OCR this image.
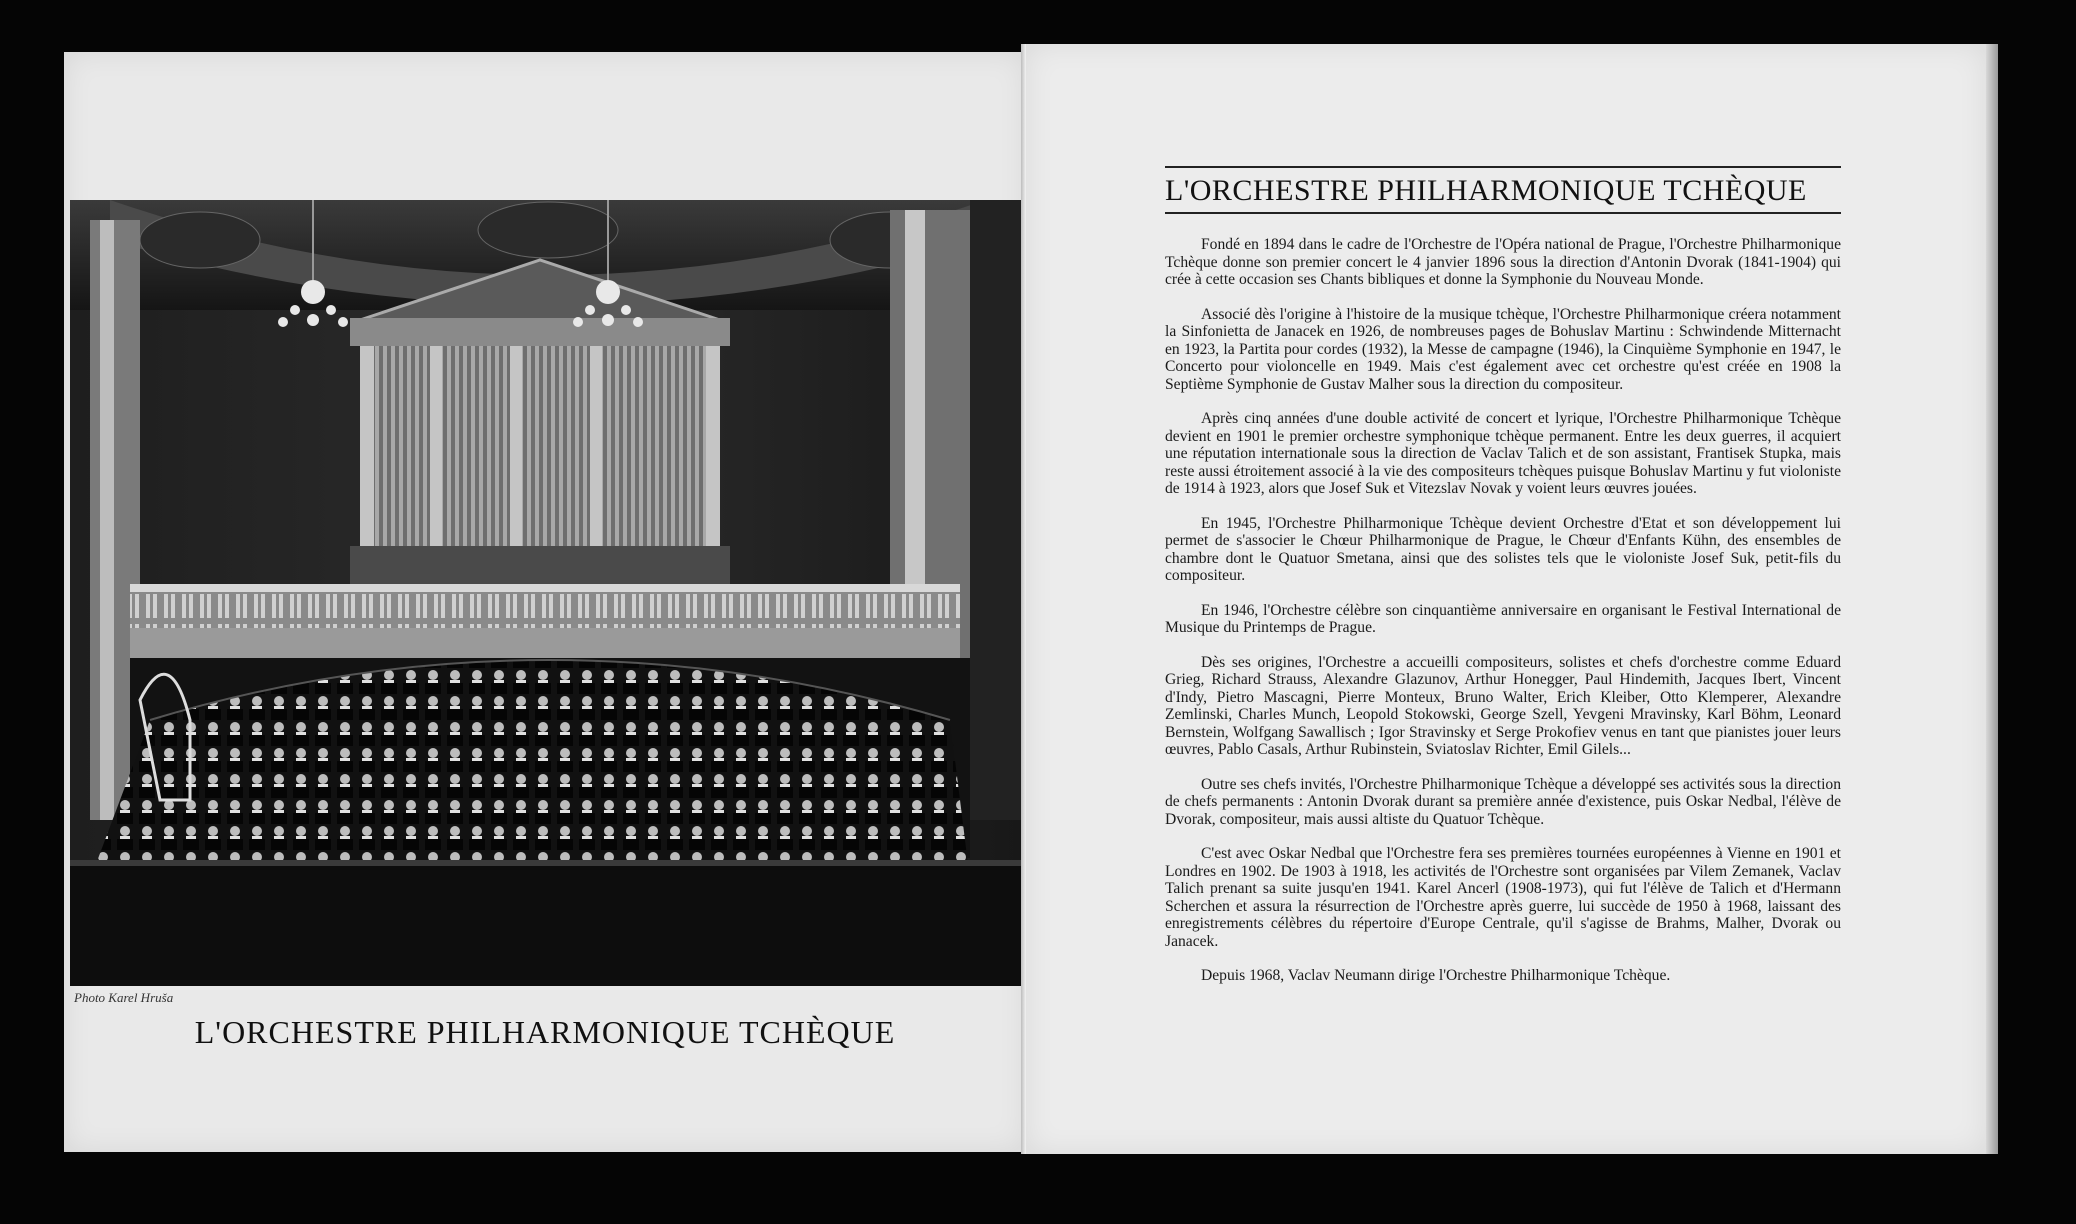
Photo Karel Hruša
L'ORCHESTRE PHILHARMONIQUE TCHÈQUE
L'ORCHESTRE PHILHARMONIQUE TCHÈQUE

Fondé en 1894 dans le cadre de l'Orchestre de l'Opéra national de Prague, l'Orchestre Philharmonique Tchèque donne son premier concert le 4 janvier 1896 sous la direction d'Antonin Dvorak (1841-1904) qui crée à cette occasion ses Chants bibliques et donne la Symphonie du Nouveau Monde.

Associé dès l'origine à l'histoire de la musique tchèque, l'Orchestre Philharmonique créera notamment la Sinfonietta de Janacek en 1926, de nombreuses pages de Bohuslav Martinu : Schwindende Mitternacht en 1923, la Partita pour cordes (1932), la Messe de campagne (1946), la Cinquième Symphonie en 1947, le Concerto pour violoncelle en 1949. Mais c'est également avec cet orchestre qu'est créée en 1908 la Septième Symphonie de Gustav Malher sous la direction du compositeur.

Après cinq années d'une double activité de concert et lyrique, l'Orchestre Philharmonique Tchèque devient en 1901 le premier orchestre symphonique tchèque permanent. Entre les deux guerres, il acquiert une réputation internationale sous la direction de Vaclav Talich et de son assistant, Frantisek Stupka, mais reste aussi étroitement associé à la vie des compositeurs tchèques puisque Bohuslav Martinu y fut violoniste de 1914 à 1923, alors que Josef Suk et Vitezslav Novak y voient leurs œuvres jouées.

En 1945, l'Orchestre Philharmonique Tchèque devient Orchestre d'Etat et son développement lui permet de s'associer le Chœur Philharmonique de Prague, le Chœur d'Enfants Kühn, des ensembles de chambre dont le Quatuor Smetana, ainsi que des solistes tels que le violoniste Josef Suk, petit-fils du compositeur.

En 1946, l'Orchestre célèbre son cinquantième anniversaire en organisant le Festival International de Musique du Printemps de Prague.

Dès ses origines, l'Orchestre a accueilli compositeurs, solistes et chefs d'orchestre comme Eduard Grieg, Richard Strauss, Alexandre Glazunov, Arthur Honegger, Paul Hindemith, Jacques Ibert, Vincent d'Indy, Pietro Mascagni, Pierre Monteux, Bruno Walter, Erich Kleiber, Otto Klemperer, Alexandre Zemlinski, Charles Munch, Leopold Stokowski, George Szell, Yevgeni Mravinsky, Karl Böhm, Leonard Bernstein, Wolfgang Sawallisch ; Igor Stravinsky et Serge Prokofiev venus en tant que pianistes jouer leurs œuvres, Pablo Casals, Arthur Rubinstein, Sviatoslav Richter, Emil Gilels...

Outre ses chefs invités, l'Orchestre Philharmonique Tchèque a développé ses activités sous la direction de chefs permanents : Antonin Dvorak durant sa première année d'existence, puis Oskar Nedbal, l'élève de Dvorak, compositeur, mais aussi altiste du Quatuor Tchèque.

C'est avec Oskar Nedbal que l'Orchestre fera ses premières tournées européennes à Vienne en 1901 et Londres en 1902. De 1903 à 1918, les activités de l'Orchestre sont organisées par Vilem Zemanek, Vaclav Talich prenant sa suite jusqu'en 1941. Karel Ancerl (1908-1973), qui fut l'élève de Talich et d'Hermann Scherchen et assura la résurrection de l'Orchestre après guerre, lui succède de 1950 à 1968, laissant des enregistrements célèbres du répertoire d'Europe Centrale, qu'il s'agisse de Brahms, Malher, Dvorak ou Janacek.

Depuis 1968, Vaclav Neumann dirige l'Orchestre Philharmonique Tchèque.
